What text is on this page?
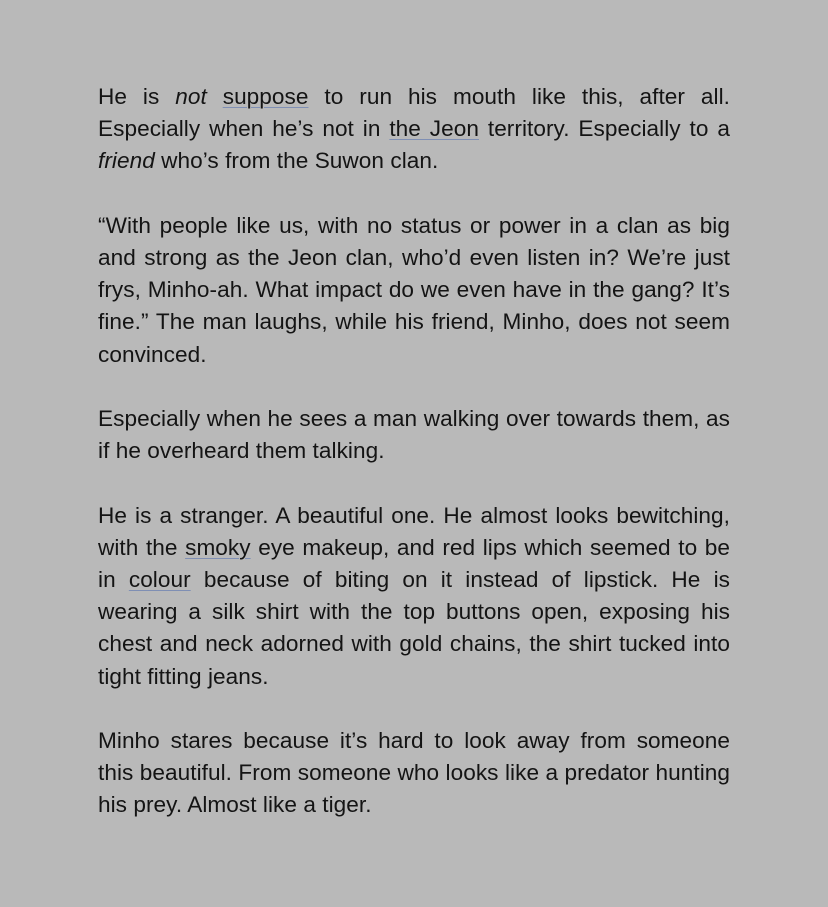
He is not suppose to run his mouth like this, after all. Especially when he’s not in the Jeon territory. Especially to a friend who’s from the Suwon clan.

“With people like us, with no status or power in a clan as big and strong as the Jeon clan, who’d even listen in? We’re just frys, Minho-ah. What impact do we even have in the gang? It’s fine.” The man laughs, while his friend, Minho, does not seem convinced.

Especially when he sees a man walking over towards them, as if he overheard them talking.

He is a stranger. A beautiful one. He almost looks bewitching, with the smoky eye makeup, and red lips which seemed to be in colour because of biting on it instead of lipstick. He is wearing a silk shirt with the top buttons open, exposing his chest and neck adorned with gold chains, the shirt tucked into tight fitting jeans.

Minho stares because it’s hard to look away from someone this beautiful. From someone who looks like a predator hunting his prey. Almost like a tiger.
